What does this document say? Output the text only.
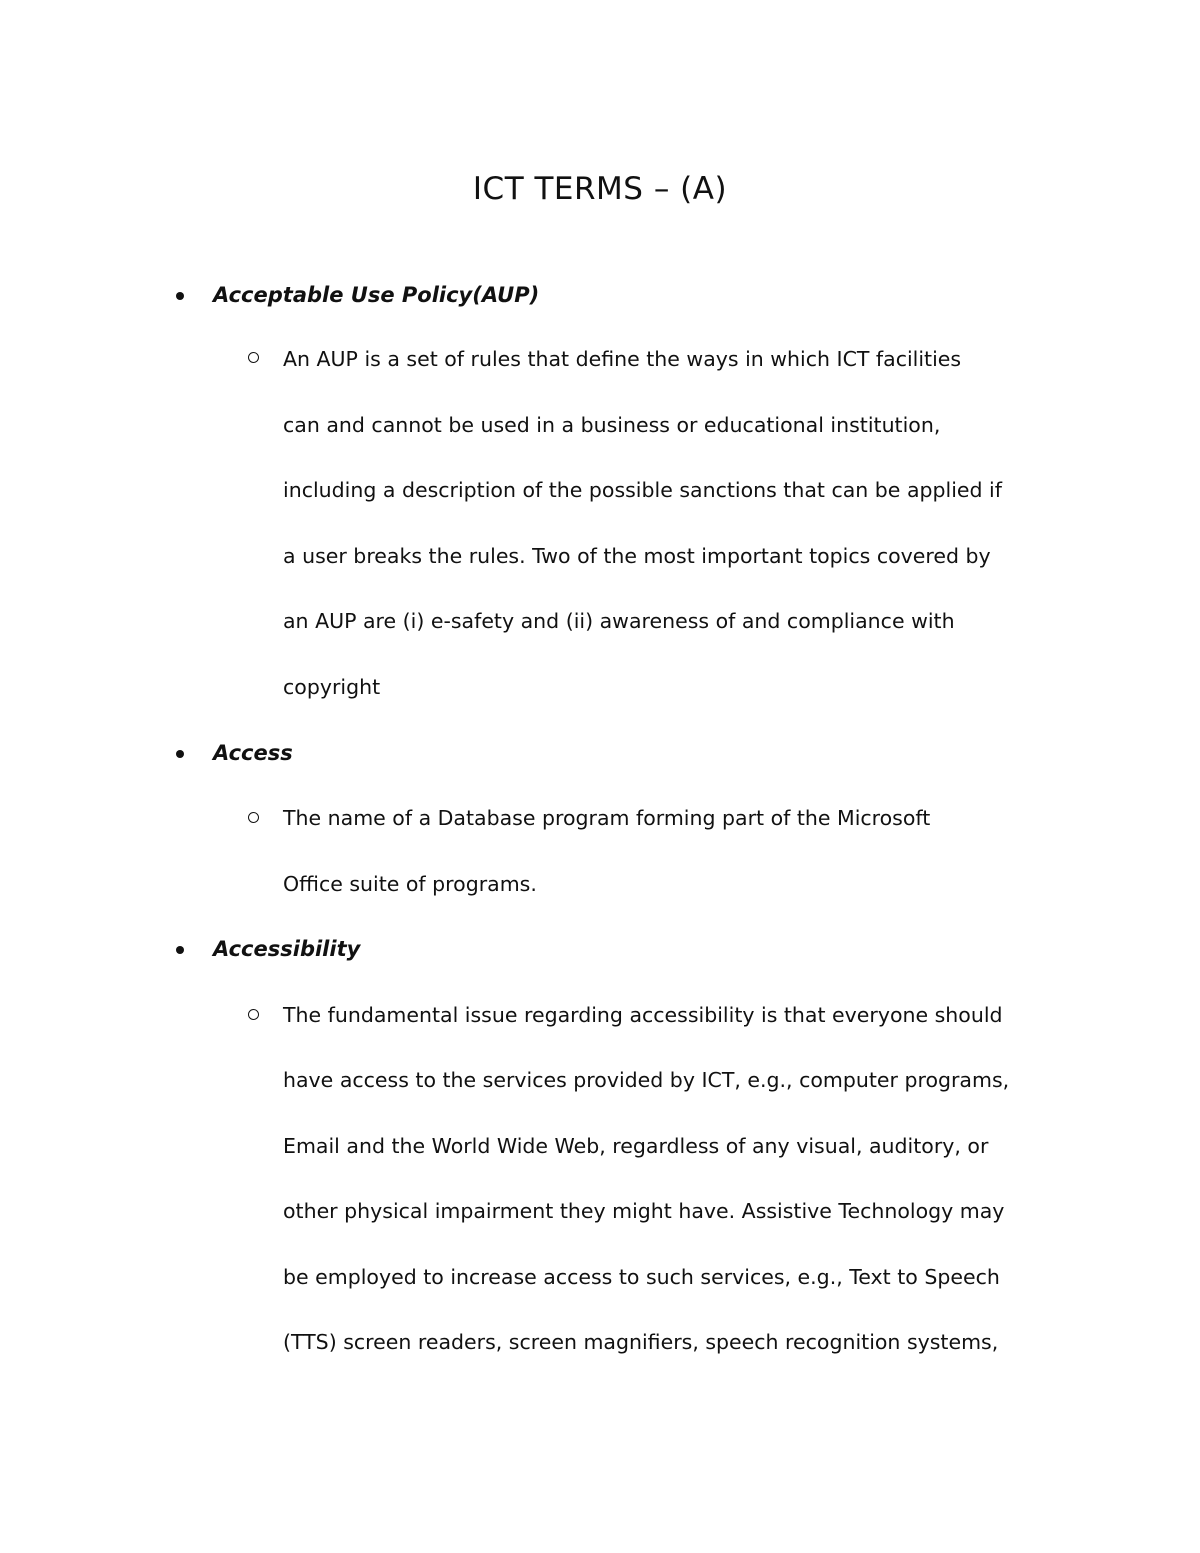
ICT TERMS – (A)
Acceptable Use Policy(AUP)
An AUP is a set of rules that define the ways in which ICT facilities
can and cannot be used in a business or educational institution,
including a description of the possible sanctions that can be applied if
a user breaks the rules. Two of the most important topics covered by
an AUP are (i) e-safety and (ii) awareness of and compliance with
copyright
Access
The name of a Database program forming part of the Microsoft
Office suite of programs.
Accessibility
The fundamental issue regarding accessibility is that everyone should
have access to the services provided by ICT, e.g., computer programs,
Email and the World Wide Web, regardless of any visual, auditory, or
other physical impairment they might have. Assistive Technology may
be employed to increase access to such services, e.g., Text to Speech
(TTS) screen readers, screen magnifiers, speech recognition systems,
